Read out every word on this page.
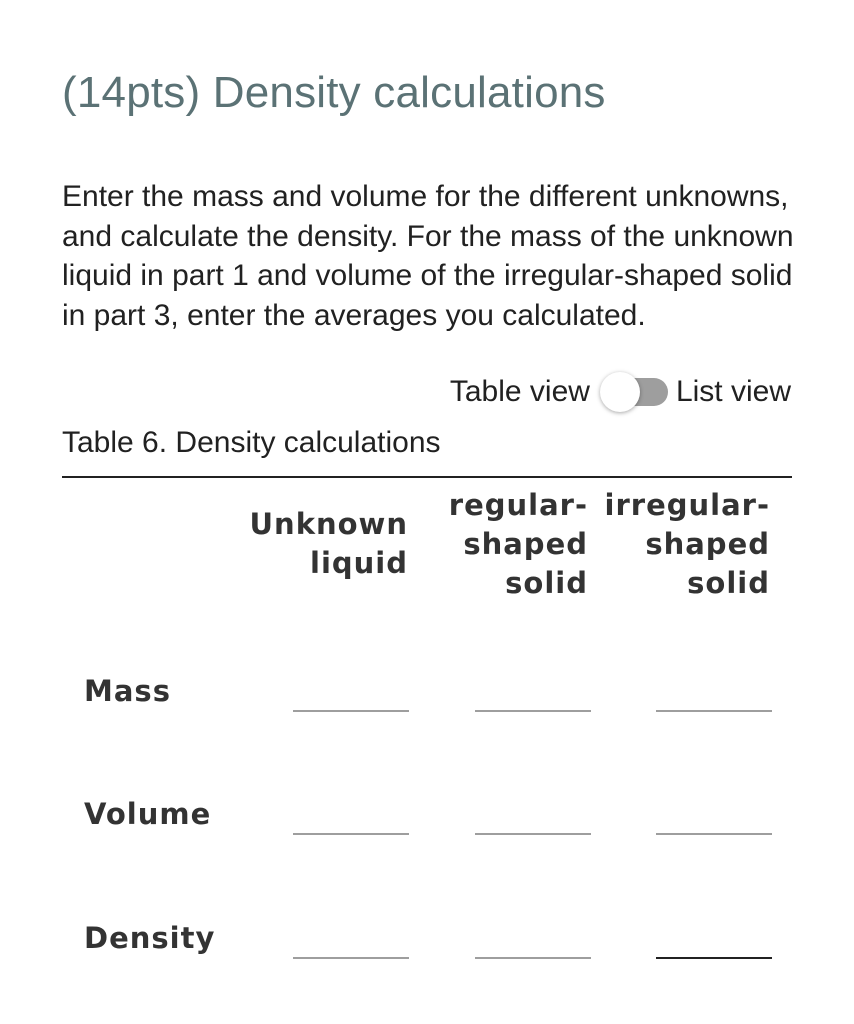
(14pts) Density calculations

Enter the mass and volume for the different unknowns, and calculate the density. For the mass of the unknown liquid in part 1 and volume of the irregular-shaped solid in part 3, enter the averages you calculated.

Table view	List view

Table 6. Density calculations

Unknown
liquid
regular-
shaped
solid
irregular-
shaped
solid
Mass
Volume
Density
